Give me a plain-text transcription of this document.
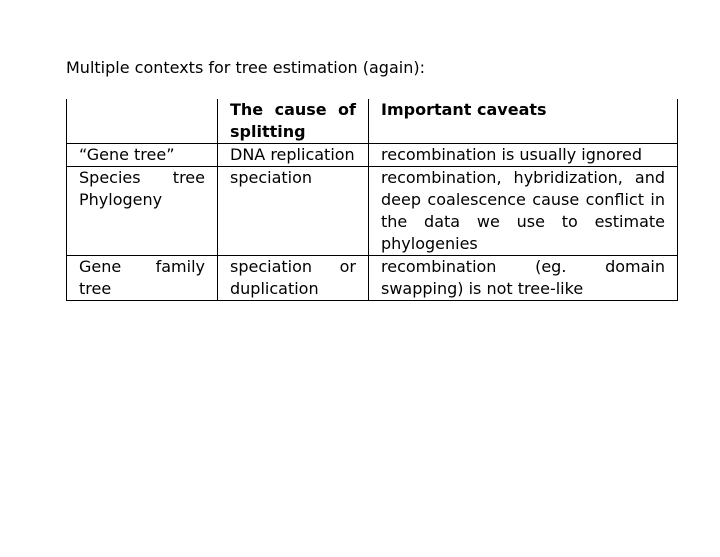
Multiple contexts for tree estimation (again):
	The cause of splitting	Important caveats
“Gene tree”	DNA replication	recombination is usually ignored
Species tree Phylogeny	speciation	recombination, hybridization, and deep coalescence cause conflict in the data we use to estimate phylogenies
Gene family tree	speciation or duplication	recombination (eg. domain swapping) is not tree-like
